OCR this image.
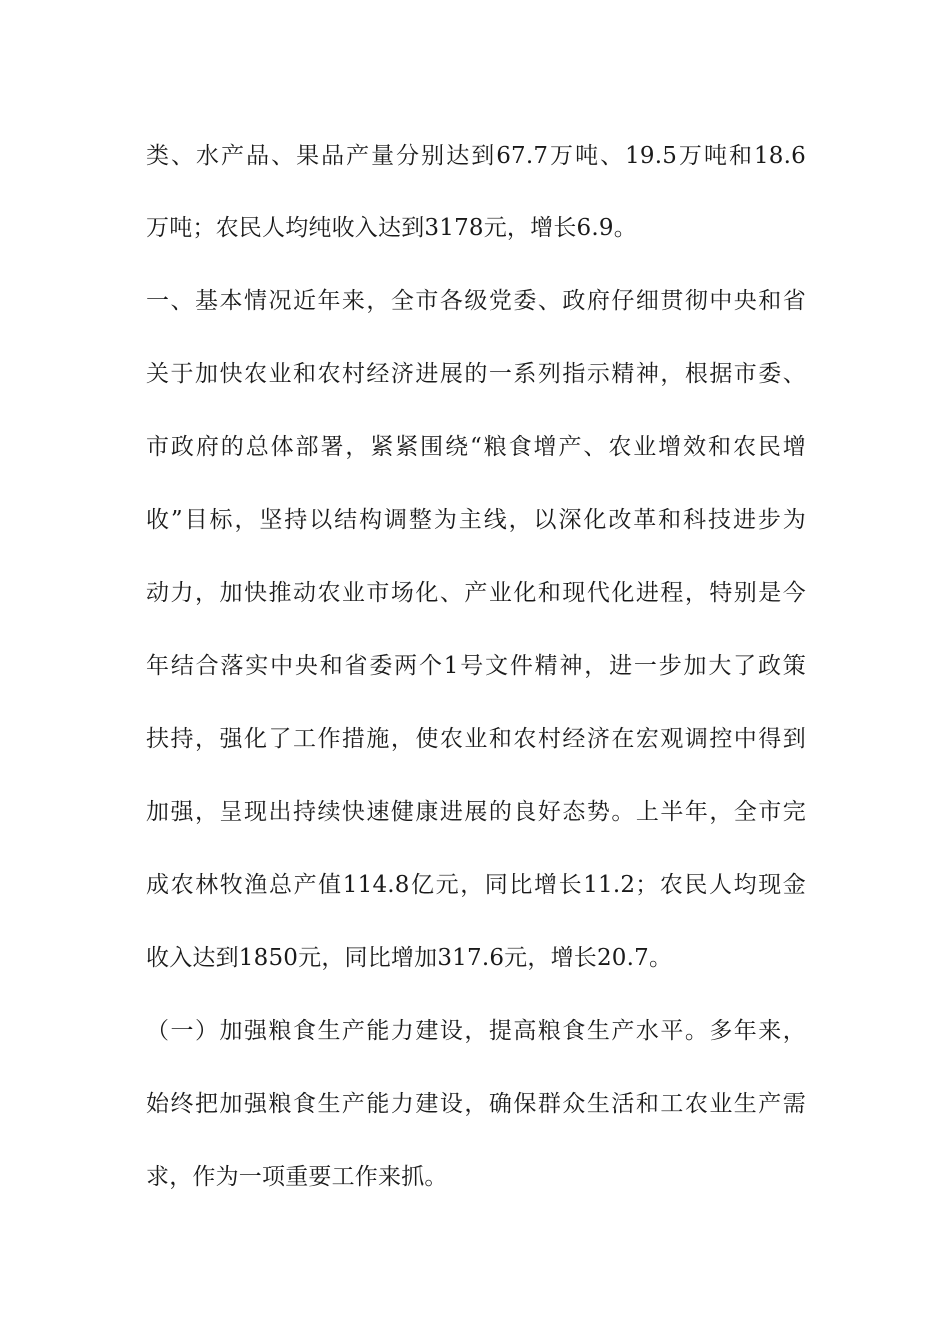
类、水产品、果品产量分别达到67.7万吨、19.5万吨和18.6
万吨；农民人均纯收入达到3178元，增长6.9。
一、基本情况近年来，全市各级党委、政府仔细贯彻中央和省
关于加快农业和农村经济进展的一系列指示精神，根据市委、
市政府的总体部署，紧紧围绕“粮食增产、农业增效和农民增
收”目标，坚持以结构调整为主线，以深化改革和科技进步为
动力，加快推动农业市场化、产业化和现代化进程，特别是今
年结合落实中央和省委两个1号文件精神，进一步加大了政策
扶持，强化了工作措施，使农业和农村经济在宏观调控中得到
加强，呈现出持续快速健康进展的良好态势。上半年，全市完
成农林牧渔总产值114.8亿元，同比增长11.2；农民人均现金
收入达到1850元，同比增加317.6元，增长20.7。
（一）加强粮食生产能力建设，提高粮食生产水平。多年来，
始终把加强粮食生产能力建设，确保群众生活和工农业生产需
求，作为一项重要工作来抓。
